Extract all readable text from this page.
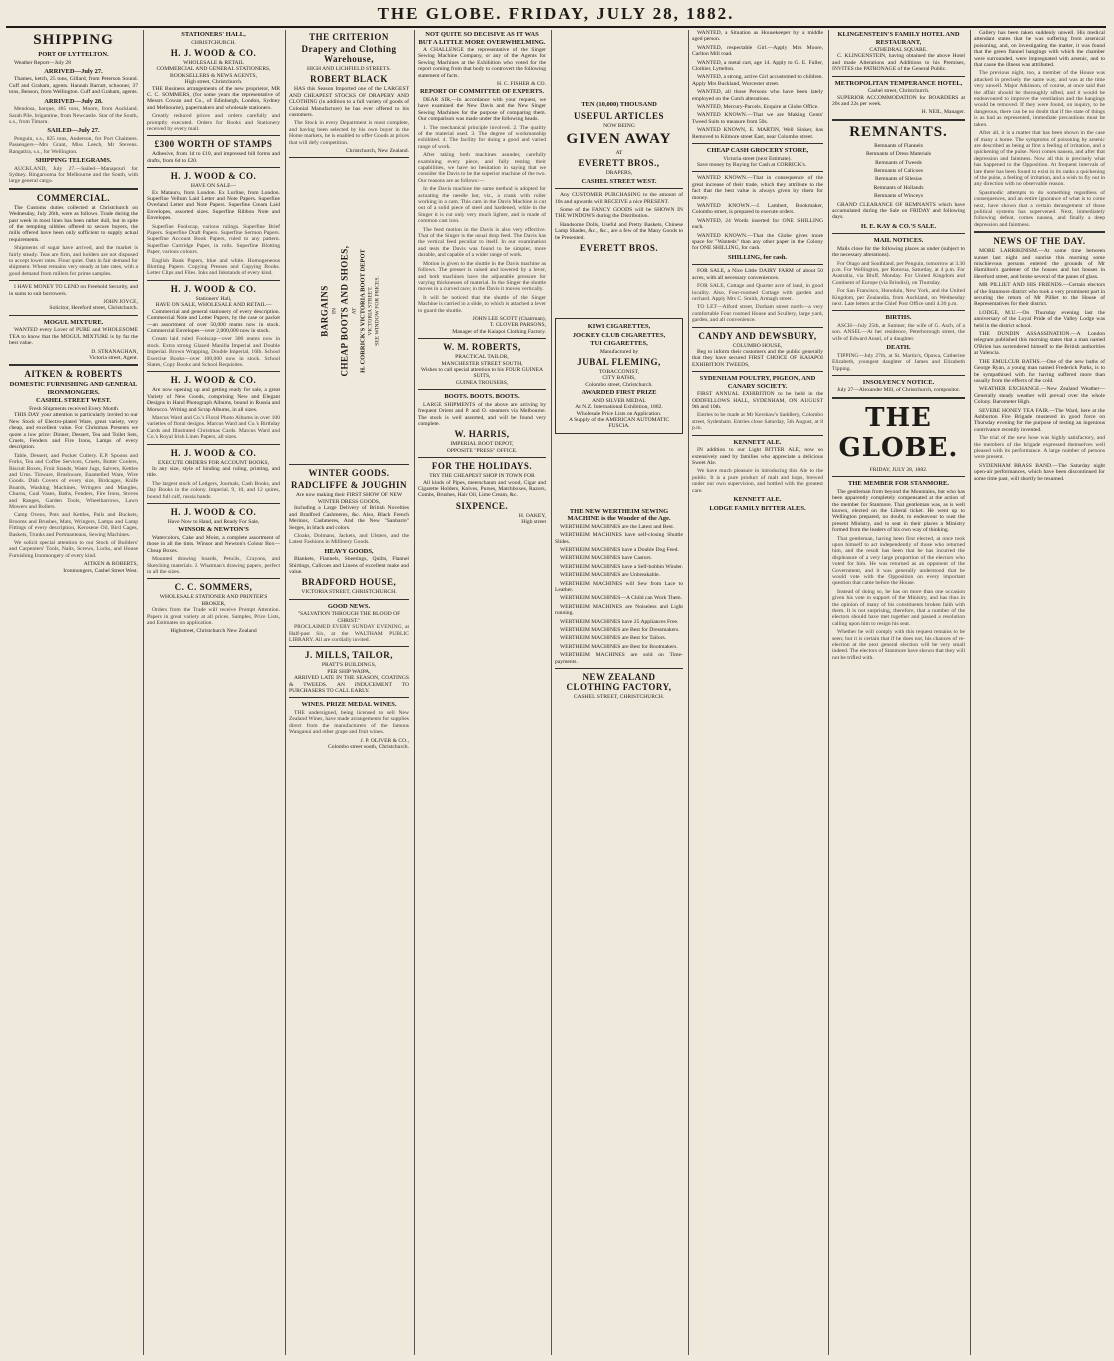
THE GLOBE. FRIDAY, JULY 28, 1882.
SHIPPING
PORT OF LYTTELTON.

Weather Report—July 28

ARRIVED—July 27.

Thames, ketch, 25 tons, Gillard, from Peterson Sound. Cuff and Graham, agents. Hannah Barratt, schooner, 37 tons, Benson, from Wellington. Cuff and Graham, agents.

ARRIVED—July 28.

Mendosa, barque, 485 tons, Moore, from Auckland. Sarah Pile, brigantine, from Newcastle. Star of the South, s.s., from Timaru.

SAILED—July 27.

Penguin, s.s., 825 tons, Anderson, for Port Chalmers. Passengers—Mrs Grant, Miss Leech, Mr Stevens. Rangatira, s.s., for Wellington.

SHIPPING TELEGRAMS.

AUCKLAND, July 27.—Sailed—Manapouri for Sydney. Ringarooma for Melbourne and the South, with large general cargo.

COMMERCIAL.

The Customs duties collected at Christchurch on Wednesday, July 26th, were as follows. Trade during the past week in most lines has been rather dull, but in spite of the tempting nibbles offered to secure buyers, the mills offered have been only sufficient to supply actual requirements.

Shipments of sugar have arrived, and the market is fairly steady. Teas are firm, and holders are not disposed to accept lower rates. Flour quiet. Oats in fair demand for shipment. Wheat remains very steady at late rates, with a good demand from millers for prime samples.

I HAVE MONEY TO LEND on Freehold Security, and in sums to suit borrowers.

JOHN JOYCE,
Solicitor, Hereford street, Christchurch.
MOGUL MIXTURE.

WANTED every Lover of PURE and WHOLESOME TEA to know that the MOGUL MIXTURE is by far the best value.

D. STRANAGHAN,
Victoria street, Agent.
AITKEN & ROBERTS
DOMESTIC FURNISHING AND GENERAL IRONMONGERS.
CASHEL STREET WEST.
Fresh Shipments received Every Month

THIS DAY your attention is particularly invited to our New Stock of Electro-plated Ware, great variety, very cheap, and excellent value. For Christmas Presents we quote a low price: Dinner, Dessert, Tea and Toilet Sets, Cruets, Fenders and Fire Irons, Lamps of every description.

Table, Dessert, and Pocket Cutlery. E.P. Spoons and Forks, Tea and Coffee Services, Cruets, Butter Coolers, Biscuit Boxes, Fruit Stands, Water Jugs, Salvers, Kettles and Urns. Tinware, Brushware, Enamelled Ware, Wire Goods. Dish Covers of every size, Birdcages, Knife Boards, Washing Machines, Wringers and Mangles, Churns, Coal Vases, Baths, Fenders, Fire Irons, Stoves and Ranges, Garden Tools, Wheelbarrows, Lawn Mowers and Rollers.

Camp Ovens, Pots and Kettles, Pails and Buckets, Brooms and Brushes, Mats, Wringers, Lamps and Lamp Fittings of every description, Kerosene Oil, Bird Cages, Baskets, Trunks and Portmanteaus, Sewing Machines.

We solicit special attention to our Stock of Builders' and Carpenters' Tools, Nails, Screws, Locks, and House Furnishing Ironmongery of every kind.

AITKEN & ROBERTS,
Ironmongers, Cashel Street West.
STATIONERS' HALL,
CHRISTCHURCH.
H. J. WOOD & CO.
WHOLESALE & RETAIL
COMMERCIAL AND GENERAL STATIONERS,
BOOKSELLERS & NEWS AGENTS,
High street, Christchurch.

THE Business arrangements of the new proprietor, MR C. C. SOMMERS, (for some years the representative of Messrs Cowan and Co., of Edinburgh, London, Sydney and Melbourne), papermakers and wholesale stationers.

Greatly reduced prices and orders carefully and promptly executed. Orders for Books and Stationery received by every mail.

£300 WORTH OF STAMPS

Adhesive, from 1d to £10, and impressed bill forms and drafts, from 6d to £20.

H. J. WOOD & CO.
HAVE ON SALE—

Ex Matauru, from London. Ex Lurline, from London. Superfine Vellum Laid Letter and Note Papers. Superfine Overland Letter and Note Papers. Superfine Cream Laid Envelopes, assorted sizes. Superfine Ribbon Note and Envelopes.

Superfine Foolscap, various rulings. Superfine Brief Papers. Superfine Draft Papers. Superfine Sermon Papers. Superfine Account Book Papers, ruled to any pattern. Superfine Cartridge Paper, in rolls. Superfine Blotting Paper, various colours.

English Bank Papers, blue and white. Homogeneous Blotting Papers. Copying Presses and Copying Books. Letter Clips and Files. Inks and Inkstands of every kind.

H. J. WOOD & CO.
Stationers' Hall,
HAVE ON SALE, WHOLESALE AND RETAIL—

Commercial and general stationery of every description. Commercial Note and Letter Papers, by the case or packet—an assortment of over 50,000 reams now in stock. Commercial Envelopes—over 2,000,000 now in stock.

Cream laid ruled Foolscap—over 300 reams now in stock. Extra strong Glazed Manilla Imperial and Double Imperial. Brown Wrapping, Double Imperial, 16lb. School Exercise Books—over 100,000 now in stock. School Slates, Copy Books and School Requisites.

H. J. WOOD & CO.

Are now opening up and getting ready for sale, a great Variety of New Goods, comprising New and Elegant Designs in Hand Photograph Albums, bound in Russia and Morocco. Writing and Scrap Albums, in all sizes.

Marcus Ward and Co.'s Floral Photo Albums in over 100 varieties of floral designs. Marcus Ward and Co.'s Birthday Cards and Illustrated Christmas Cards. Marcus Ward and Co.'s Royal Irish Linen Papers, all sizes.

H. J. WOOD & CO.
EXECUTE ORDERS FOR ACCOUNT BOOKS,

In any size, style of binding and ruling, printing, and title.

The largest stock of Ledgers, Journals, Cash Books, and Day Books in the colony. Imperial, 9, 10, and 12 quires, bound full calf, russia bands.

H. J. WOOD & CO.
Have Now to Hand, and Ready For Sale,
WINSOR & NEWTON'S

Watercolors, Cake and Moist, a complete assortment of those in all the tints. Winsor and Newton's Colour Box—Cheap Boxes.

Mounted drawing boards, Pencils, Crayons, and Sketching materials. J. Whatman's drawing papers, perfect in all the sizes.

C. C. SOMMERS,
WHOLESALE STATIONER AND PRINTER'S BROKER,

Orders from the Trade will receive Prompt Attention. Papers in great variety at all prices. Samples, Price Lists, and Estimates on application.

Highstreet, Christchurch New Zealand
THE CRITERION
Drapery and Clothing Warehouse,
HIGH AND LICHFIELD STREETS.
ROBERT BLACK

HAS this Season Imported one of the LARGEST AND CHEAPEST STOCKS OF DRAPERY AND CLOTHING (in addition to a full variety of goods of Colonial Manufacture) he has ever offered to his customers.

The Stock in every Department is most complete, and having been selected by his own buyer in the Home markets, he is enabled to offer Goods at prices that will defy competition.

Christchurch, New Zealand.
BARGAINS IN CHEAP BOOTS AND SHOES, AT H. CORRICK'S VICTORIA BOOT DEPOT VICTORIA STREET. SEE WINDOW FOR PRICES.
WINTER GOODS.
RADCLIFFE & JOUGHIN
Are now making their FIRST SHOW OF NEW WINTER DRESS GOODS,

Including a Large Delivery of British Novelties and Bradford Cashmeres, &c. Also, Black French Merinos, Cashmeres, And the New "Sanbarre" Serges, in black and colors.

Cloaks, Dolmans, Jackets, and Ulsters, and the Latest Fashions in Millinery Goods.

HEAVY GOODS,

Blankets, Flannels, Sheetings, Quilts, Flannel Shirtings, Calicoes and Linens of excellent make and value.

BRADFORD HOUSE,
VICTORIA STREET, CHRISTCHURCH.
GOOD NEWS.
"SALVATION THROUGH THE BLOOD OF CHRIST."

PROCLAIMED EVERY SUNDAY EVENING, at Half-past Six, at the WALTHAM PUBLIC LIBRARY. All are cordially invited.

J. MILLS, TAILOR,
PRATT'S BUILDINGS,
PER SHIP WAIPA,

ARRIVED LATE IN THE SEASON, COATINGS & TWEEDS. AN INDUCEMENT TO PURCHASERS TO CALL EARLY.

WINES. PRIZE MEDAL WINES.

THE undersigned, being licensed to sell New Zealand Wines, have made arrangements for supplies direct from the manufacturers of the famous Wanganui and other grape and fruit wines.

J. P. OLIVER & CO.,
Colombo street south, Christchurch.
NOT QUITE SO DECISIVE AS IT WAS BUT A LITTLE MORE OVERWHELMING.

A CHALLENGE the representative of the Singer Sewing Machine Company, or any of the Agents for Sewing Machines at the Exhibition who voted for the report coming from that body to controvert the following statement of facts.

H. C. FISHER & CO.
REPORT OF COMMITTEE OF EXPERTS.

DEAR SIR,—In accordance with your request, we have examined the New Davis and the New Singer Sewing Machines for the purpose of comparing them. Our comparison was made under the following heads.

1. The mechanical principle involved. 2. The quality of the material used. 3. The degree of workmanship exhibited. 4. The facility for doing a good and varied range of work.

After taking both machines asunder, carefully examining every piece, and fully testing their capabilities, we have no hesitation in saying that we consider the Davis to be the superior machine of the two. Our reasons are as follows:—

In the Davis machine the same method is adopted for actuating the needle bar, viz., a crank with roller working in a cam. This cam in the Davis Machine is cut out of a solid piece of steel and hardened, while in the Singer it is cut only very much lighter, and is made of common cast iron.

The feed motion in the Davis is also very effective. That of the Singer is the usual drop feed. The Davis has the vertical feed peculiar to itself. In our examination and tests the Davis was found to be simpler, more durable, and capable of a wider range of work.

Motion is given to the shuttle in the Davis machine as follows. The presser is raised and lowered by a lever, and both machines have the adjustable pressure for varying thicknesses of material. In the Singer the shuttle moves in a curved race; in the Davis it moves vertically.

It will be noticed that the shuttle of the Singer Machine is carried in a slide, to which is attached a lever to guard the shuttle.

JOHN LEE SCOTT (Chairman),
T. GLOVER PARSONS,
Manager of the Kaiapoi Clothing Factory.
W. M. ROBERTS,
PRACTICAL TAILOR,
MANCHESTER STREET SOUTH,
Wishes to call special attention to his FOUR GUINEA SUITS,
GUINEA TROUSERS,
BOOTS. BOOTS. BOOTS.

LARGE SHIPMENTS of the above are arriving by frequent Orient and P. and O. steamers via Melbourne. The stock is well assorted, and will be found very complete.

W. HARRIS,
IMPERIAL BOOT DEPOT,
OPPOSITE "PRESS" OFFICE.
FOR THE HOLIDAYS.
TRY THE CHEAPEST SHOP IN TOWN FOR

All kinds of Pipes, meerschaum and wood, Cigar and Cigarette Holders, Knives, Purses, Matchboxes, Razors, Combs, Brushes, Hair Oil, Lime Cream, &c.

SIXPENCE.
H. OAKEY,
High street
TEN (10,000) THOUSAND
USEFUL ARTICLES
NOW BEING
GIVEN AWAY
AT
EVERETT BROS.,
DRAPERS,
CASHEL STREET WEST.

Any CUSTOMER PURCHASING to the amount of 10s and upwards will RECEIVE a nice PRESENT.

Some of the FANCY GOODS will be SHOWN IN THE WINDOWS during the Distribution.

Handsome Dolls, Useful and Pretty Baskets, Chinese Lamp Shades, &c., &c., are a few of the Many Goods to be Presented.

EVERETT BROS.
KIWI CIGARETTES,
JOCKEY CLUB CIGARETTES,
TUI CIGARETTES,
Manufactured by
JUBAL FLEMING,
TOBACCONIST,
CITY BATHS,
Colombo street, Christchurch.
AWARDED FIRST PRIZE
AND SILVER MEDAL
At N.Z. International Exhibition, 1882.
Wholesale Price Lists on Application.
A Supply of the AMERICAN AUTOMATIC FUSCIA.
THE NEW WERTHEIM SEWING MACHINE is the Wonder of the Age.

WERTHEIM MACHINES are the Latest and Best.

WERTHEIM MACHINES have self-closing Shuttle Slides.

WERTHEIM MACHINES have a Double Dog Feed.

WERTHEIM MACHINES have Castors.

WERTHEIM MACHINES have a Self-bobbin Winder.

WERTHEIM MACHINES are Unbreakable.

WERTHEIM MACHINES will Sew from Lace to Leather.

WERTHEIM MACHINES—A Child can Work Them.

WERTHEIM MACHINES are Noiseless and Light running.

WERTHEIM MACHINES have 25 Appliances Free.

WERTHEIM MACHINES are Best for Dressmakers.

WERTHEIM MACHINES are Best for Tailors.

WERTHEIM MACHINES are Best for Bootmakers.

WERTHEIM MACHINES are sold on Time-payments.

NEW ZEALAND CLOTHING FACTORY,
CASHEL STREET, CHRISTCHURCH.

WANTED, a Situation as Housekeeper by a middle aged person.

WANTED, respectable Girl.—Apply Mrs Moore, Carlton Mill road.

WANTED, a metal cart, age 14. Apply to G. E. Fuller, Clothier, Lyttelton.

WANTED, a strong, active Girl accustomed to children. Apply Mrs Buckland, Worcester street.

WANTED, all those Persons who have been lately employed on the Cutch alterations.

WANTED, Mercury-Parcels. Enquire at Globe Office.

WANTED KNOWN.—That we are Making Gents' Tweed Suits to measure from 50s.

WANTED KNOWN, E. MARTIN, Well Sinker, has Removed to Kilmore street East, near Colombo street.

CHEAP CASH GROCERY STORE,
Victoria street (next Estimate).

Save money by Buying for Cash at CORRICK's.

WANTED KNOWN.—That in consequence of the great increase of their trade, which they attribute to the fact that the best value is always given by them for money.

WANTED KNOWN.—J. Lambert, Bookmaker, Colombo street, is prepared to execute orders.

WANTED, 24 Words inserted for ONE SHILLING each.

WANTED KNOWN.—That the Globe gives more space for "Wanteds" than any other paper in the Colony for ONE SHILLING, for cash.

SHILLING, for cash.

FOR SALE, a Nice Little DAIRY FARM of about 50 acres, with all necessary conveniences.

FOR SALE, Cottage and Quarter acre of land, in good locality. Also, Four-roomed Cottage with garden and orchard. Apply Mrs C. Smith, Armagh street.

TO LET—Alford street, Durham street north—a very comfortable Four roomed House and Scullery, large yard, garden, and all convenience.

CANDY AND DEWSBURY,
COLUMBO HOUSE,

Beg to inform their customers and the public generally that they have secured FIRST CHOICE OF KAIAPOI EXHIBITION TWEEDS,

SYDENHAM POULTRY, PIGEON, AND CANARY SOCIETY.

FIRST ANNUAL EXHIBITION to be held in the ODDFELLOWS HALL, SYDENHAM, ON AUGUST 9th and 10th.

Entries to be made at Mr Kershaw's Saddlery, Colombo street, Sydenham. Entries close Saturday, 5th August, at 8 p.m.

KENNETT ALE.

IN addition to our Light BITTER ALE, now so extensively used by families who appreciate a delicious Sweet Ale.

We have much pleasure in introducing this Ale to the public. It is a pure product of malt and hops, brewed under our own supervision, and bottled with the greatest care.

KENNETT ALE.
LODGE FAMILY BITTER ALES.
KLINGENSTEIN'S FAMILY HOTEL AND RESTAURANT,
CATHEDRAL SQUARE.

C. KLINGENSTEIN, having obtained the above Hotel and made Alterations and Additions to his Premises, INVITES the PATRONAGE of the General Public.

METROPOLITAN TEMPERANCE HOTEL,
Cashel street, Christchurch.

SUPERIOR ACCOMMODATION for BOARDERS at 20s and 22s per week.

H. NEIL, Manager.
REMNANTS.

Remnants of Flannels

Remnants of Dress Materials

Remnants of Tweeds

Remnants of Calicoes

Remnants of Silesias

Remnants of Hollands

Remnants of Winceys

GRAND CLEARANCE OF REMNANTS which have accumulated during the Sale on FRIDAY and following days.

H. E. KAY & CO.'S SALE.
MAIL NOTICES.

Mails close for the following places as under (subject to the necessary alterations).

For Otago and Southland, per Penguin, tomorrow at 3.30 p.m. For Wellington, per Rotorua, Saturday, at 4 p.m. For Australia, via Bluff, Monday. For United Kingdom and Continent of Europe (via Brindisi), on Thursday.

For San Francisco, Honolulu, New York, and the United Kingdom, per Zealandia, from Auckland, on Wednesday next. Late letters at the Chief Post Office until 4.30 p.m.

BIRTHS.

ASCH—July 25th, at Sumner, the wife of G. Asch, of a son. ANSEL—At her residence, Peterborough street, the wife of Edward Ansel, of a daughter.

DEATH.

TIPPING—July 27th, at St. Martin's, Opawa, Catherine Elizabeth, youngest daughter of James and Elizabeth Tipping.

INSOLVENCY NOTICE.

July 27—Alexander Mill, of Christchurch, compositor.

THE GLOBE.
FRIDAY, JULY 28, 1882.
THE MEMBER FOR STANMORE.

The gentleman from beyond the Mountains, but who has been apparently completely compensated at the action of the member for Stanmore. That gentleman was, as is well known, elected on the Liberal ticket. He went up to Wellington prepared, no doubt, to endeavour to oust the present Ministry, and to seat in their places a Ministry formed from the leaders of his own way of thinking.

That gentleman, having been first elected, at once took upon himself to act independently of those who returned him, and the result has been that he has incurred the displeasure of a very large proportion of the electors who voted for him. He was returned as an opponent of the Government, and it was generally understood that he would vote with the Opposition on every important question that came before the House.

Instead of doing so, he has on more than one occasion given his vote in support of the Ministry, and has thus in the opinion of many of his constituents broken faith with them. It is not surprising, therefore, that a number of the electors should have met together and passed a resolution calling upon him to resign his seat.

Whether he will comply with this request remains to be seen; but it is certain that if he does not, his chances of re-election at the next general election will be very small indeed. The electors of Stanmore have shown that they will not be trifled with.

Gallery has been taken suddenly unwell. His medical attendant states that he was suffering from arsenical poisoning, and, on investigating the matter, it was found that the green flannel hangings with which the chamber were surrounded, were impregnated with arsenic, and to that cause the illness was attributed.

The previous night, too, a member of the House was attacked in precisely the same way, and was at the time very unwell. Major Atkinson, of course, at once said that the affair should be thoroughly sifted, and it would be endeavoured to improve the ventilation and the hangings would be removed. If they were found, on inquiry, to be dangerous, there can be no doubt that if the state of things is as bad as represented, immediate precautions must be taken.

After all, it is a matter that has been shown in the case of many a home. The symptoms of poisoning by arsenic are described as being at first a feeling of irritation, and a quickening of the pulse. Next comes nausea, and after that depression and faintness. Now all this is precisely what has happened to the Opposition. At frequent intervals of late there has been found to exist in its ranks a quickening of the pulse, a feeling of irritation, and a wish to fly out in any direction with no observable reason.

Spasmodic attempts to do something regardless of consequences, and an entire ignorance of what is to come next, have shown that a certain derangement of those political systems has supervened. Next, immediately following defeat, comes nausea, and finally a deep depression and faintness.

NEWS OF THE DAY.

MORE LARRIKINISM.—At some time between sunset last night and sunrise this morning some mischievous persons entered the grounds of Mr Hamilton's gardener of the houses and hot houses in Hereford street, and broke several of the panes of glass.

MR PILLIET AND HIS FRIENDS.—Certain electors of the Stanmore district who took a very prominent part in securing the return of Mr Pilliet to the House of Representatives for their district.

LODGE, M.U.—On Thursday evening last the anniversary of the Loyal Pride of the Valley Lodge was held in the district school.

THE DUNDIN ASSASSINATION.—A London telegram published this morning states that a man named O'Brien has surrendered himself to the British authorities at Valencia.

THE EMULCUR BATHS.—One of the new baths of George Ryan, a young man named Frederick Parks, is to be sympathised with for having suffered more than usually from the effects of the cold.

WEATHER EXCHANGE.—New Zealand Weather—Generally steady weather will prevail over the whole Colony. Barometer High.

SEVERE HONEY TEA FAIR.—The Ward, here at the Ashburton Fire Brigade mustered in good force on Thursday evening for the purpose of testing an ingenious contrivance recently invented.

The trial of the new hose was highly satisfactory, and the members of the brigade expressed themselves well pleased with its performance. A large number of persons were present.

SYDENHAM BRASS BAND.—The Saturday night open-air performances, which have been discontinued for some time past, will shortly be resumed.
